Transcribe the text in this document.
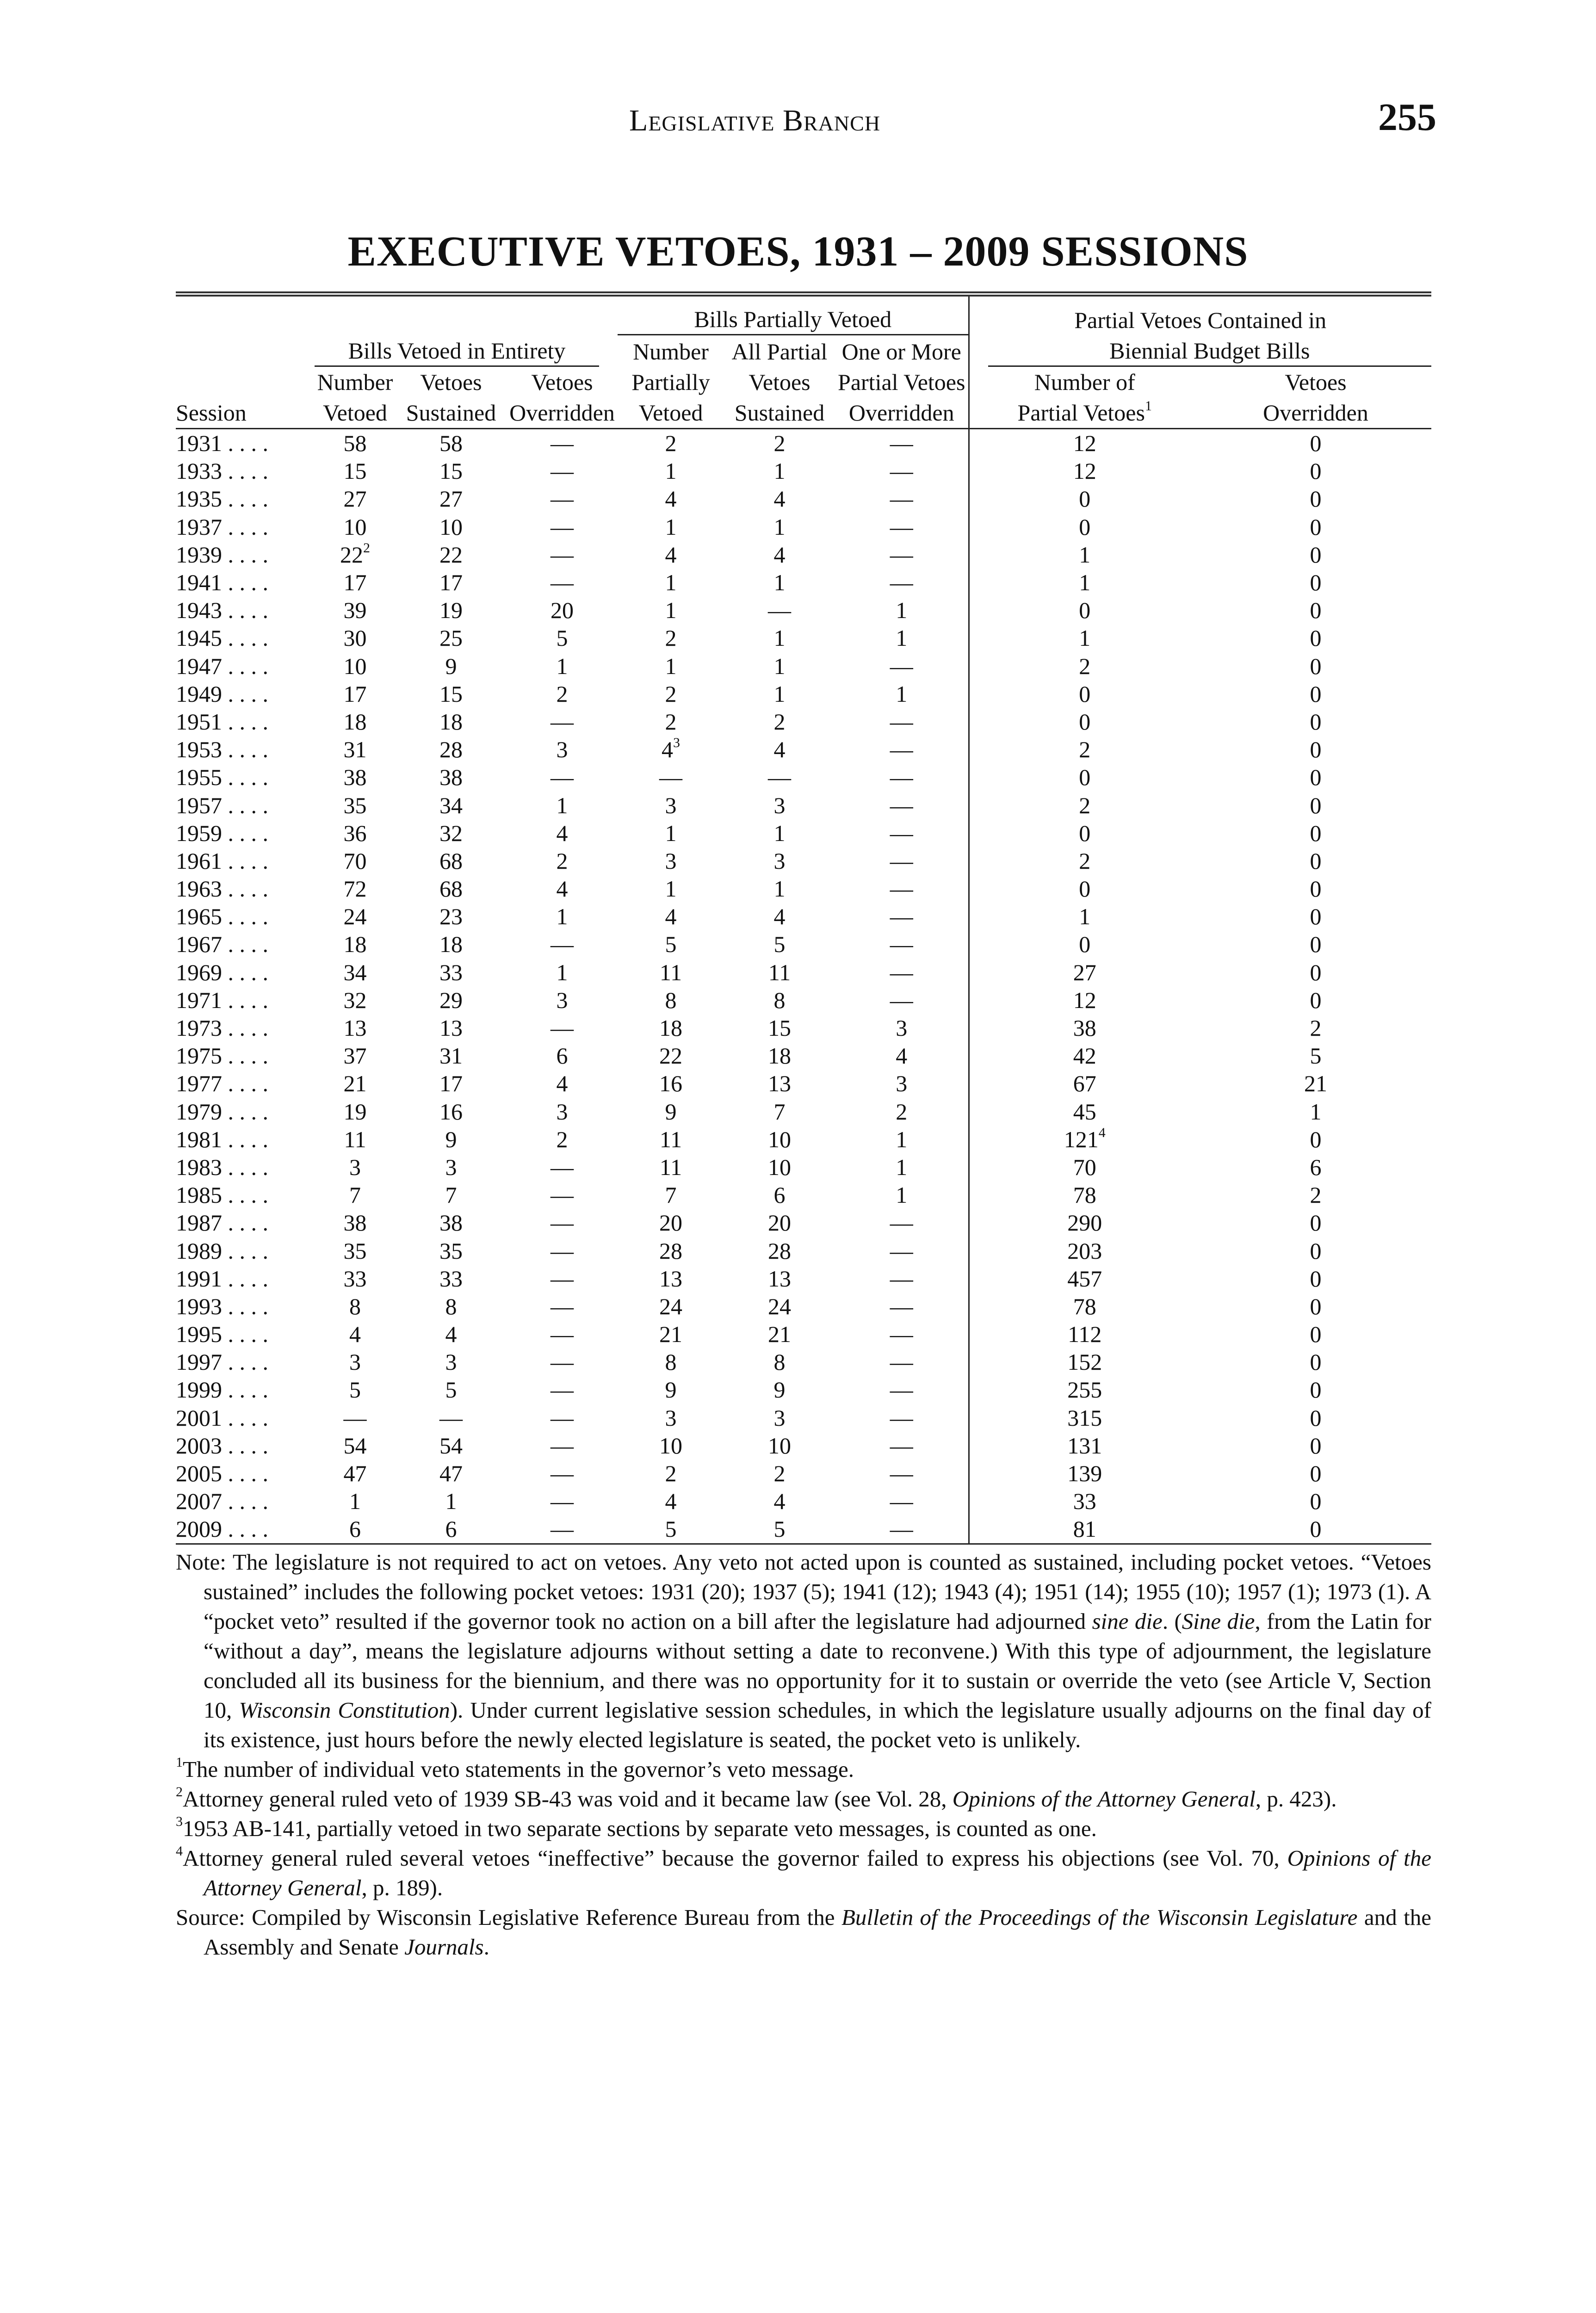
Legislative Branch	255
EXECUTIVE VETOES, 1931 – 2009 SESSIONS
				Bills Partially Vetoed			Partial Vetoes Contained in	
	Bills Vetoed in Entirety			Number	All Partial	One or More	Biennial Budget Bills	
	Number	Vetoes	Vetoes	Partially	Vetoes	Partial Vetoes	Number of	Vetoes
Session	Vetoed	Sustained	Overridden	Vetoed	Sustained	Overridden	Partial Vetoes$^1$	Overridden
1931 . . . .	58	58	—	2	2	—	12	0
1933 . . . .	15	15	—	1	1	—	12	0
1935 . . . .	27	27	—	4	4	—	0	0
1937 . . . .	10	10	—	1	1	—	0	0
1939 . . . .	$22^2$	22	—	4	4	—	1	0
1941 . . . .	17	17	—	1	1	—	1	0
1943 . . . .	39	19	20	1	—	1	0	0
1945 . . . .	30	25	5	2	1	1	1	0
1947 . . . .	10	9	1	1	1	—	2	0
1949 . . . .	17	15	2	2	1	1	0	0
1951 . . . .	18	18	—	2	2	—	0	0
1953 . . . .	31	28	3	$4^3$	4	—	2	0
1955 . . . .	38	38	—	—	—	—	0	0
1957 . . . .	35	34	1	3	3	—	2	0
1959 . . . .	36	32	4	1	1	—	0	0
1961 . . . .	70	68	2	3	3	—	2	0
1963 . . . .	72	68	4	1	1	—	0	0
1965 . . . .	24	23	1	4	4	—	1	0
1967 . . . .	18	18	—	5	5	—	0	0
1969 . . . .	34	33	1	11	11	—	27	0
1971 . . . .	32	29	3	8	8	—	12	0
1973 . . . .	13	13	—	18	15	3	38	2
1975 . . . .	37	31	6	22	18	4	42	5
1977 . . . .	21	17	4	16	13	3	67	21
1979 . . . .	19	16	3	9	7	2	45	1
1981 . . . .	11	9	2	11	10	1	$121^4$	0
1983 . . . .	3	3	—	11	10	1	70	6
1985 . . . .	7	7	—	7	6	1	78	2
1987 . . . .	38	38	—	20	20	—	290	0
1989 . . . .	35	35	—	28	28	—	203	0
1991 . . . .	33	33	—	13	13	—	457	0
1993 . . . .	8	8	—	24	24	—	78	0
1995 . . . .	4	4	—	21	21	—	112	0
1997 . . . .	3	3	—	8	8	—	152	0
1999 . . . .	5	5	—	9	9	—	255	0
2001 . . . .	—	—	—	3	3	—	315	0
2003 . . . .	54	54	—	10	10	—	131	0
2005 . . . .	47	47	—	2	2	—	139	0
2007 . . . .	1	1	—	4	4	—	33	0
2009 . . . .	6	6	—	5	5	—	81	0

Note: The legislature is not required to act on vetoes. Any veto not acted upon is counted as sustained, including pocket vetoes. “Vetoes sustained” includes the following pocket vetoes: 1931 (20); 1937 (5); 1941 (12); 1943 (4); 1951 (14); 1955 (10); 1957 (1); 1973 (1). A “pocket veto” resulted if the governor took no action on a bill after the legislature had adjourned sine die. (Sine die, from the Latin for “without a day”, means the legislature adjourns without setting a date to reconvene.) With this type of adjournment, the legislature concluded all its business for the biennium, and there was no opportunity for it to sustain or override the veto (see Article V, Section 10, Wisconsin Constitution). Under current legislative session schedules, in which the legislature usually adjourns on the final day of its existence, just hours before the newly elected legislature is seated, the pocket veto is unlikely.

$^1$The number of individual veto statements in the governor’s veto message.

$^2$Attorney general ruled veto of 1939 SB-43 was void and it became law (see Vol. 28, Opinions of the Attorney General, p. 423).

$^3$1953 AB-141, partially vetoed in two separate sections by separate veto messages, is counted as one.

$^4$Attorney general ruled several vetoes “ineffective” because the governor failed to express his objections (see Vol. 70, Opinions of the Attorney General, p. 189).

Source: Compiled by Wisconsin Legislative Reference Bureau from the Bulletin of the Proceedings of the Wisconsin Legislature and the Assembly and Senate Journals.
